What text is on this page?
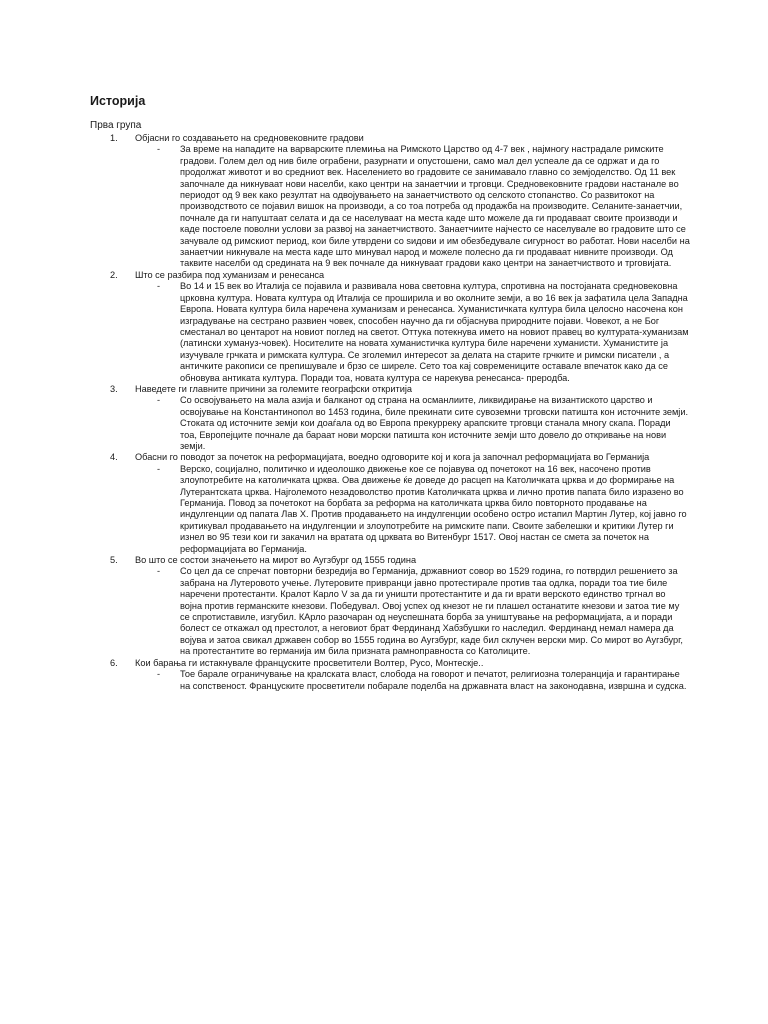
Историја
Прва група
1. Објасни го создавањето на средновековните градови
- За време на нападите на варварските племиња на Римското Царство од 4-7 век , најмногу настрадале римските градови. Голем дел од нив биле ограбени, разурнати и опустошени, само мал дел успеале да се одржат и да го продолжат животот и во средниот век. Населението во градовите се занимавало главно со земјоделство. Од 11 век започнале да никнуваат нови населби, како центри на занаетчии и трговци. Средновековните градови настанале во периодот од 9 век како резултат на одвојувањето на занаетчиството од селското стопанство. Со развитокот на производството се појавил вишок на производи, а со тоа потреба од продажба на производите. Селаните-занаетчии, почнале да ги напуштаат селата и да се населуваат на места каде што можеле да ги продаваат своите производи и каде постоеле поволни услови за развој на занаетчиството. Занаетчиите најчесто се населувале во градовите што се зачувале од римскиот период, кои биле утврдени со ѕидови и им обезбедувале сигурност во работат. Нови населби на занаетчии никнувале на места каде што минувал народ и можеле полесно да ги продаваат нивните производи. Од таквите населби од средината на 9 век почнале да никнуваат градови како центри на занаетчиството и трговијата.
2. Што се разбира под хуманизам и ренесанса
- Во 14 и 15 век во Италија се појавила и развивала нова световна култура, спротивна на постојаната средновековна црковна култура. Новата култура од Италија се проширила и во околните земји, а во 16 век ја зафатила цела Западна Европа. Новата култура била наречена хуманизам и ренесанса. Хуманистичката култура била целосно насочена кон изградување на сестрано развиен човек, способен научно да ги објаснува природните појави. Човекот, а не Бог сместанал во центарот на новиот поглед на светот. Оттука потекнува името на новиот правец во културата-хуманизам (латински хумануз-човек). Носителите на новата хуманистичка култура биле наречени хуманисти. Хуманистите ја изучувале грчката и римската култура. Се зголемил интересот за делата на старите грчките и римски писатели , а античките ракописи се препишувале и брзо се ширеле. Сето тоа кај современиците оставале впечаток како да се обновува антиката култура. Поради тоа, новата култура се нарекува ренесанса- преродба.
3. Наведете ги главните причини за големите географски откритија
- Со освојувањето на мала азија и балканот од страна на османлиите, ликвидирање на византиското царство и освојување на Константинопол во 1453 година, биле прекинати сите сувоземни трговски патишта кон источните земји. Стоката од источните земји кои доаѓала од во Европа прекурреку арапските трговци станала многу скапа. Поради тоа, Европејците почнале да бараат нови морски патишта кон источните земји што довело до откривање на нови земји.
4. Обасни го поводот за почеток на реформацијата, воедно одговорите кој и кога ја започнал реформацијата во Германија
- Верско, социјално, политичко и идеолошко движење кое се појавува од почетокот на 16 век, насочено против злоупотребите на католичката црква. Ова движење ќе доведе до расцеп на Католичката црква и до формирање на Лутерантската црква. Најголемото незадоволство против Католичката црква и лично против папата било изразено во Германија. Повод за почетокот на борбата за реформа на католичката црква било повторното продавање на индулгенции од папата Лав X. Против продавањето на индулгенции особено остро истапил Мартин Лутер, кој јавно го критикувал продавањето на индулгенции и злоупотребите на римските папи. Своите забелешки и критики Лутер ги изнел во 95 тези кои ги закачил на вратата од црквата во Витенбург 1517. Овој настан се смета за почеток на реформацијата во Германија.
5. Во што се состои значењето на мирот во Аугзбург од 1555 година
- Со цел да се спречат повторни безредија во Германија, државниот совор во 1529 година, го потврдил решението за забрана на Лутеровото учење. Лутеровите привранци јавно протестирале против таа одлка, поради тоа тие биле наречени протестанти. Кралот Карло V за да ги уништи протестантите и да ги врати верското единство тргнал во војна против германските кнезови. Победувал. Овој успех од кнезот не ги плашел останатите кнезови и затоа тие му се спротиставиле, изгубил. КАрло разочаран од неуспешната борба за уништување на реформацијата, а и поради болест се откажал од престолот, а неговиот брат Фердинанд Хабзбушки го наследил. Фердинанд немал намера да војува и затоа свикал државен собор во 1555 година во Аугзбург, каде бил склучен верски мир. Со мирот во Аугзбург, на протестантите во германија им била призната рамноправноста со Католиците.
6. Кои барања ги истакнувале француските просветители Волтер, Русо, Монтескје..
- Тое барале ограничување на кралската власт, слобода на говорот и печатот, религиозна толеранција и гарантирање на сопственост. Француските просветители побарале поделба на државната власт на законодавна, извршна и судска.
